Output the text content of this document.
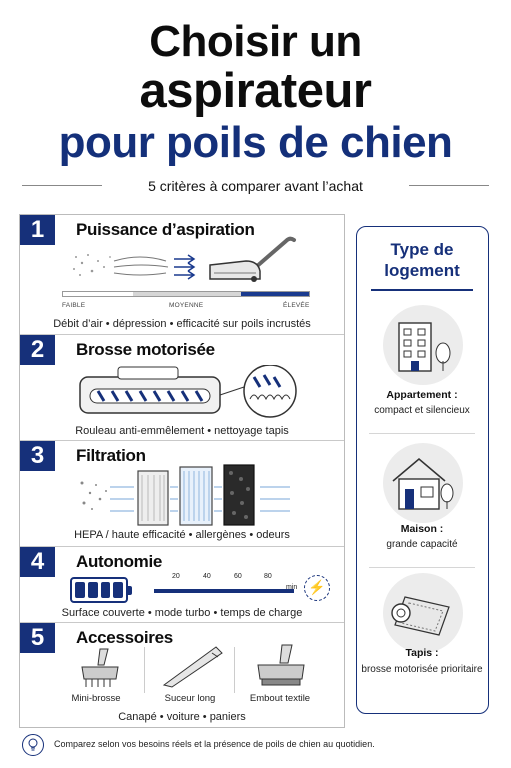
Choisir un
aspirateur
pour poils de chien
5 critères à comparer avant l’achat
1	Puissance d’aspiration
FAIBLE	MOYENNE	ÉLEVÉE
Débit d’air • dépression • efficacité sur poils incrustés
2	Brosse motorisée
Rouleau anti-emmêlement • nettoyage tapis
3	Filtration
HEPA / haute efficacité • allergènes • odeurs
4	Autonomie
20	40	60	80
min ⚡
Surface couverte • mode turbo • temps de charge
5	Accessoires
Mini-brosse	Suceur long	Embout textile
Canapé • voiture • paniers
Type de logement
Appartement :
compact et silencieux
Maison :
grande capacité
Tapis :
brosse motorisée prioritaire
Comparez selon vos besoins réels et la présence de poils de chien au quotidien.
